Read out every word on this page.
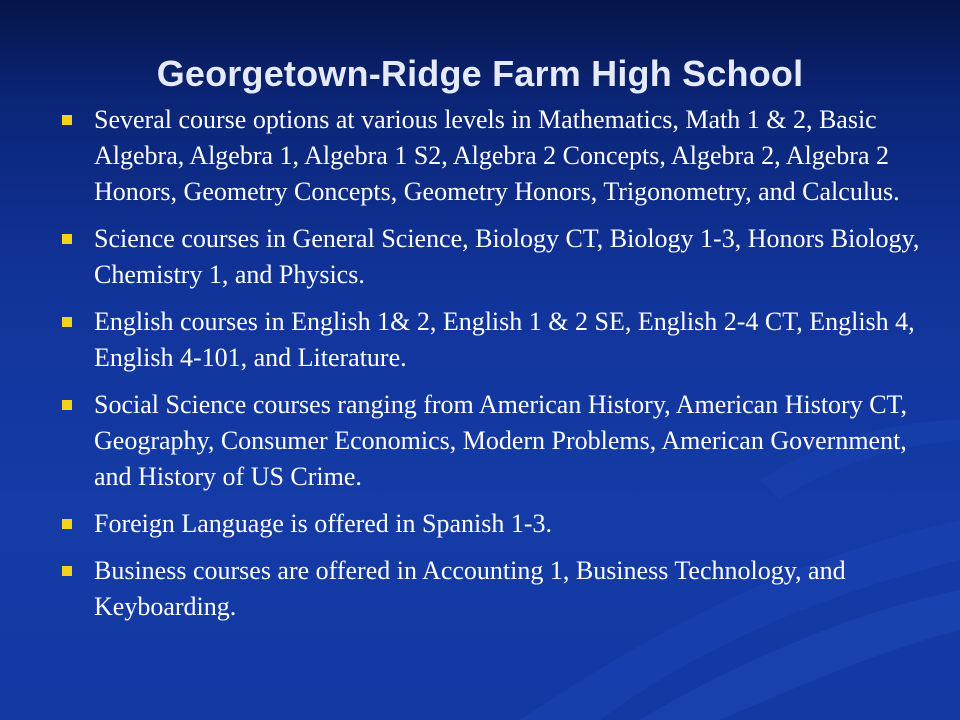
Georgetown-Ridge Farm High School
Several course options at various levels in Mathematics, Math 1 & 2, Basic Algebra, Algebra 1, Algebra 1 S2, Algebra 2 Concepts, Algebra 2, Algebra 2 Honors, Geometry Concepts, Geometry Honors, Trigonometry, and Calculus.
Science courses in General Science, Biology CT, Biology 1-3, Honors Biology, Chemistry 1, and Physics.
English courses in English 1& 2, English 1 & 2 SE, English 2-4 CT, English 4, English 4-101, and Literature.
Social Science courses ranging from American History, American History CT, Geography, Consumer Economics, Modern Problems, American Government, and History of US Crime.
Foreign Language is offered in Spanish 1-3.
Business courses are offered in Accounting 1, Business Technology, and Keyboarding.
